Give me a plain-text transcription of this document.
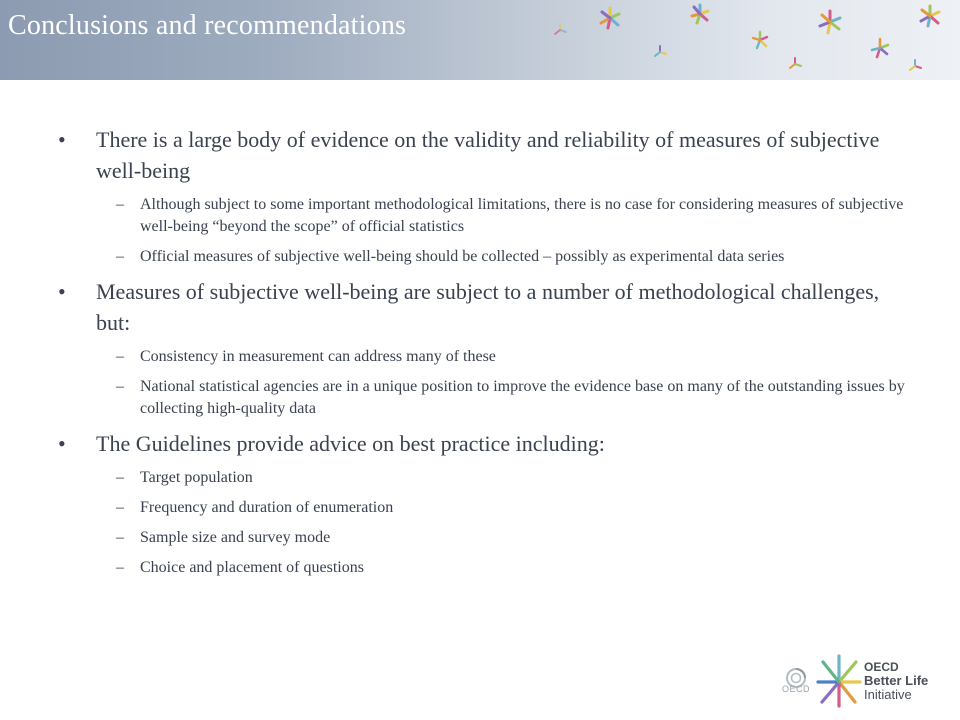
Conclusions and recommendations
•	There is a large body of evidence on the validity and reliability of measures of subjective well-being
–	Although subject to some important methodological limitations, there is no case for considering measures of subjective well-being “beyond the scope” of official statistics
–	Official measures of subjective well-being should be collected – possibly as experimental data series
•	Measures of subjective well-being are subject to a number of methodological challenges, but:
–	Consistency in measurement can address many of these
–	National statistical agencies are in a unique position to improve the evidence base on many of the outstanding issues by collecting high-quality data
•	The Guidelines provide advice on best practice including:
–	Target population
–	Frequency and duration of enumeration
–	Sample size and survey mode
–	Choice and placement of questions
OECD
OECD
Better Life
Initiative
